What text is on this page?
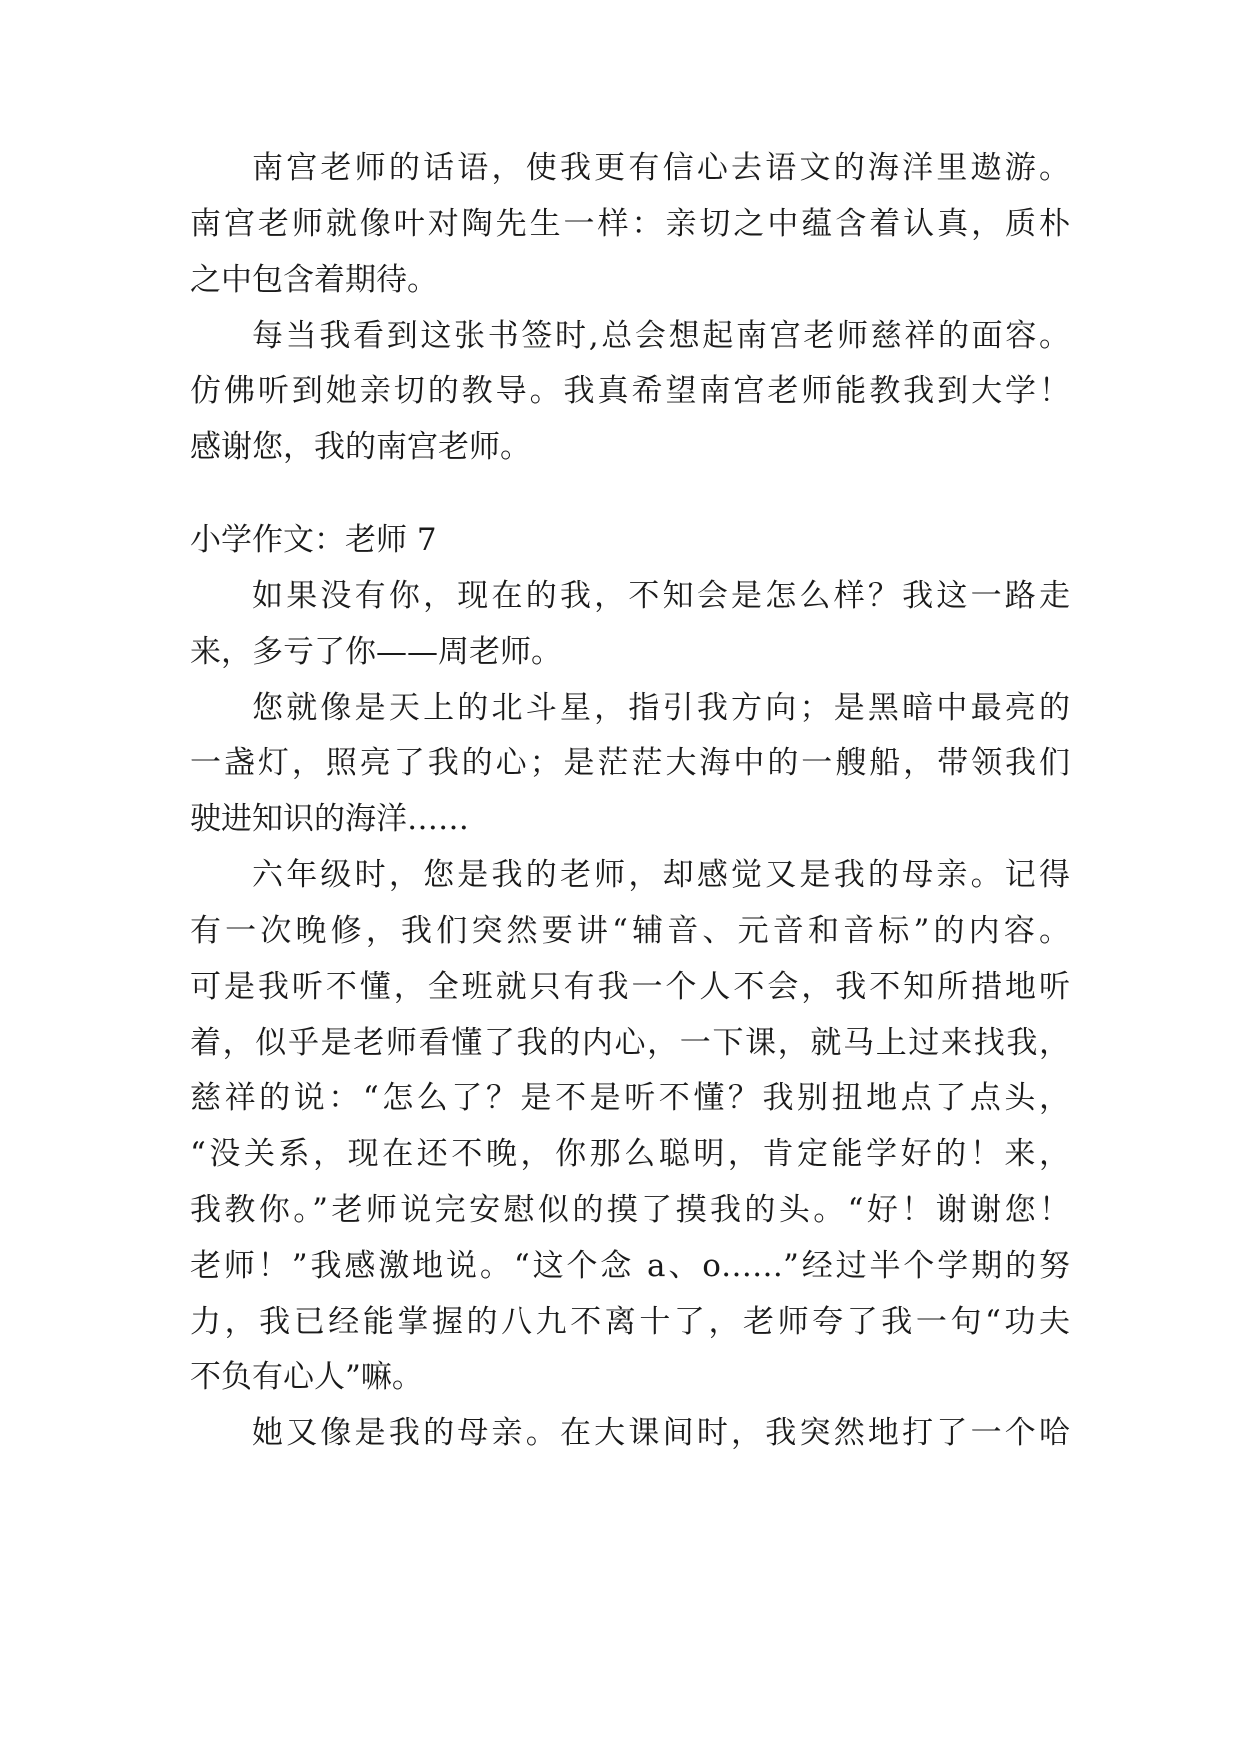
南宫老师的话语，使我更有信心去语文的海洋里遨游。
南宫老师就像叶对陶先生一样：亲切之中蕴含着认真，质朴
之中包含着期待。
每当我看到这张书签时,总会想起南宫老师慈祥的面容。
仿佛听到她亲切的教导。我真希望南宫老师能教我到大学！
感谢您，我的南宫老师。
小学作文：老师 7
如果没有你，现在的我，不知会是怎么样？我这一路走
来，多亏了你——周老师。
您就像是天上的北斗星，指引我方向；是黑暗中最亮的
一盏灯，照亮了我的心；是茫茫大海中的一艘船，带领我们
驶进知识的海洋……
六年级时，您是我的老师，却感觉又是我的母亲。记得
有一次晚修，我们突然要讲“辅音、元音和音标”的内容。
可是我听不懂，全班就只有我一个人不会，我不知所措地听
着，似乎是老师看懂了我的内心，一下课，就马上过来找我，
慈祥的说：“怎么了？是不是听不懂？我别扭地点了点头，
“没关系，现在还不晚，你那么聪明，肯定能学好的！来，
我教你。”老师说完安慰似的摸了摸我的头。“好！谢谢您！
老师！”我感激地说。“这个念 a、o……”经过半个学期的努
力，我已经能掌握的八九不离十了，老师夸了我一句“功夫
不负有心人”嘛。
她又像是我的母亲。在大课间时，我突然地打了一个哈
